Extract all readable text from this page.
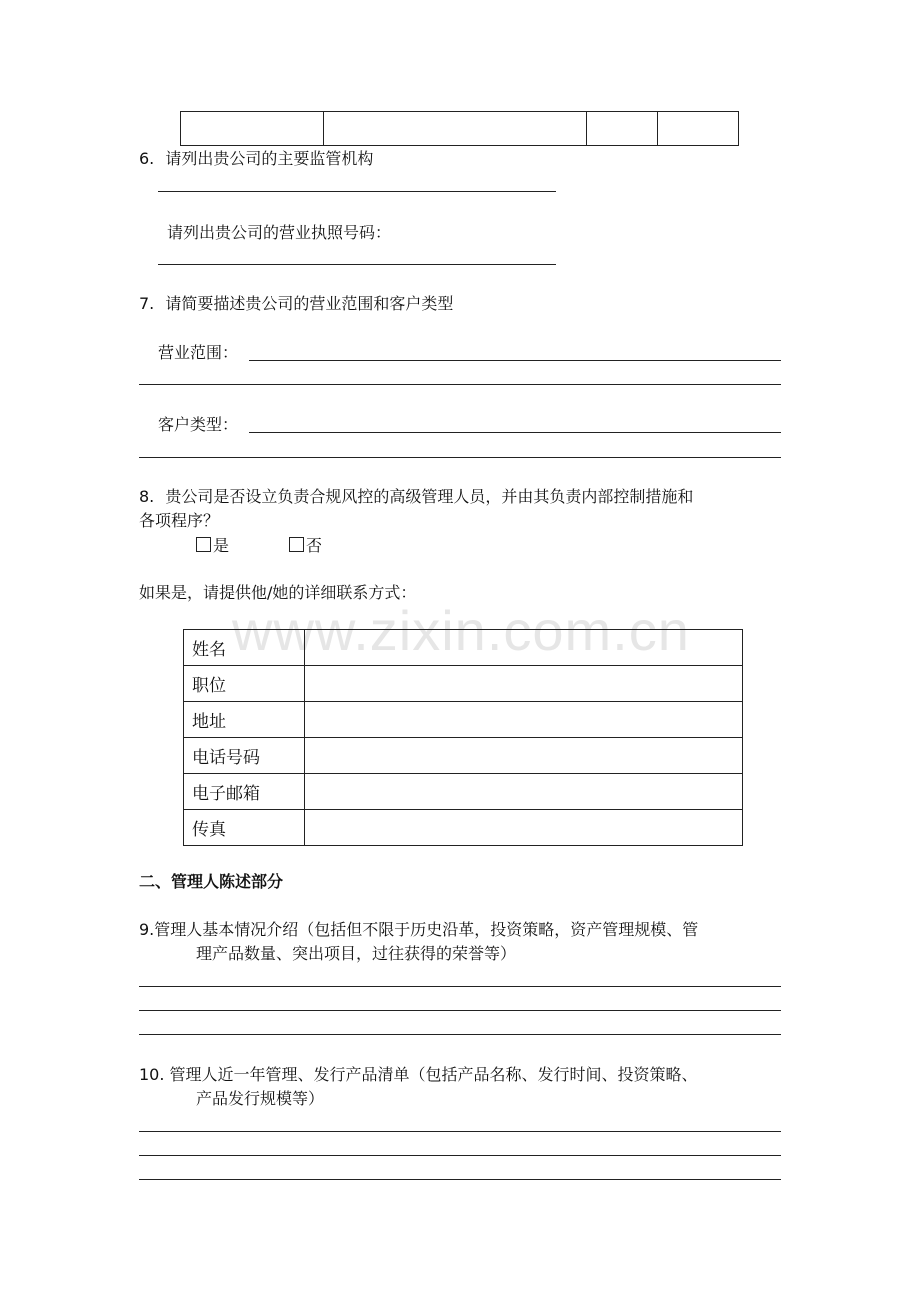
6. 请列出贵公司的主要监管机构
请列出贵公司的营业执照号码：
7. 请简要描述贵公司的营业范围和客户类型
营业范围：
客户类型：
8. 贵公司是否设立负责合规风控的高级管理人员，并由其负责内部控制措施和
各项程序？
是	否
如果是，请提供他/她的详细联系方式：
www.zixin.com.cn
姓名	
职位	
地址	
电话号码	
电子邮箱	
传真	
二、管理人陈述部分
9.管理人基本情况介绍（包括但不限于历史沿革，投资策略，资产管理规模、管
理产品数量、突出项目，过往获得的荣誉等）
10. 管理人近一年管理、发行产品清单（包括产品名称、发行时间、投资策略、
产品发行规模等）
